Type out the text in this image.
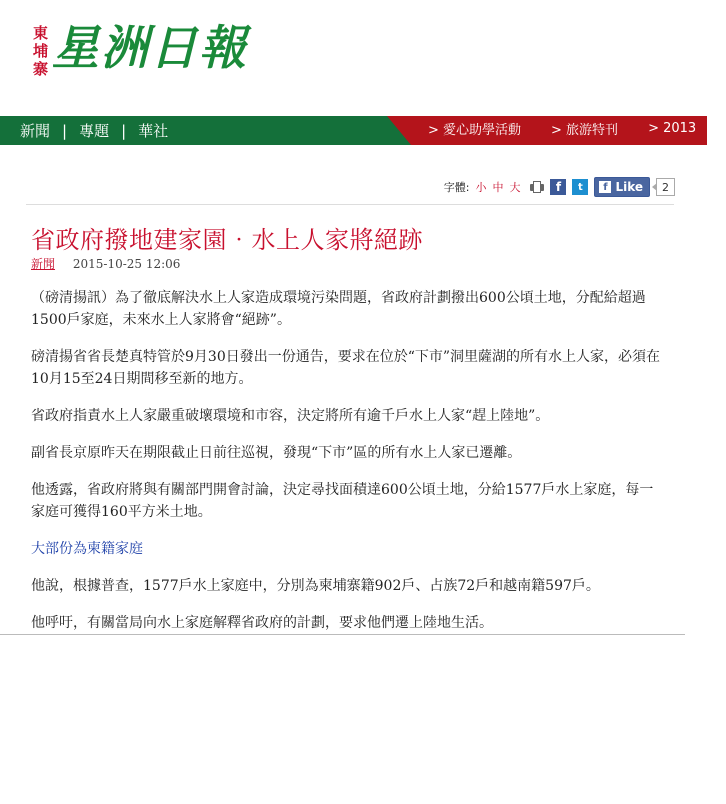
東
埔
寨 星洲日報
新聞 | 專題 | 華社	> 愛心助學活動 > 旅游特刊 > 2013
字體: 小 中 大	f	t	f Like	2
省政府撥地建家園‧水上人家將絕跡
新聞 2015-10-25 12:06

（磅清揚訊）為了徹底解決水上人家造成環境污染問題，省政府計劃撥出600公頃土地，分配給超過1500戶家庭，未來水上人家將會“絕跡”。

磅清揚省省長楚真特管於9月30日發出一份通告，要求在位於“下市”洞里薩湖的所有水上人家，必須在10月15至24日期間移至新的地方。

省政府指責水上人家嚴重破壞環境和市容，決定將所有逾千戶水上人家“趕上陸地”。

副省長京原昨天在期限截止日前往巡視，發現“下市”區的所有水上人家已遷離。

他透露，省政府將與有關部門開會討論，決定尋找面積達600公頃土地，分給1577戶水上家庭，每一家庭可獲得160平方米土地。

大部份為柬籍家庭

他說，根據普查，1577戶水上家庭中，分別為柬埔寨籍902戶、占族72戶和越南籍597戶。

他呼吁，有關當局向水上家庭解釋省政府的計劃，要求他們遷上陸地生活。
